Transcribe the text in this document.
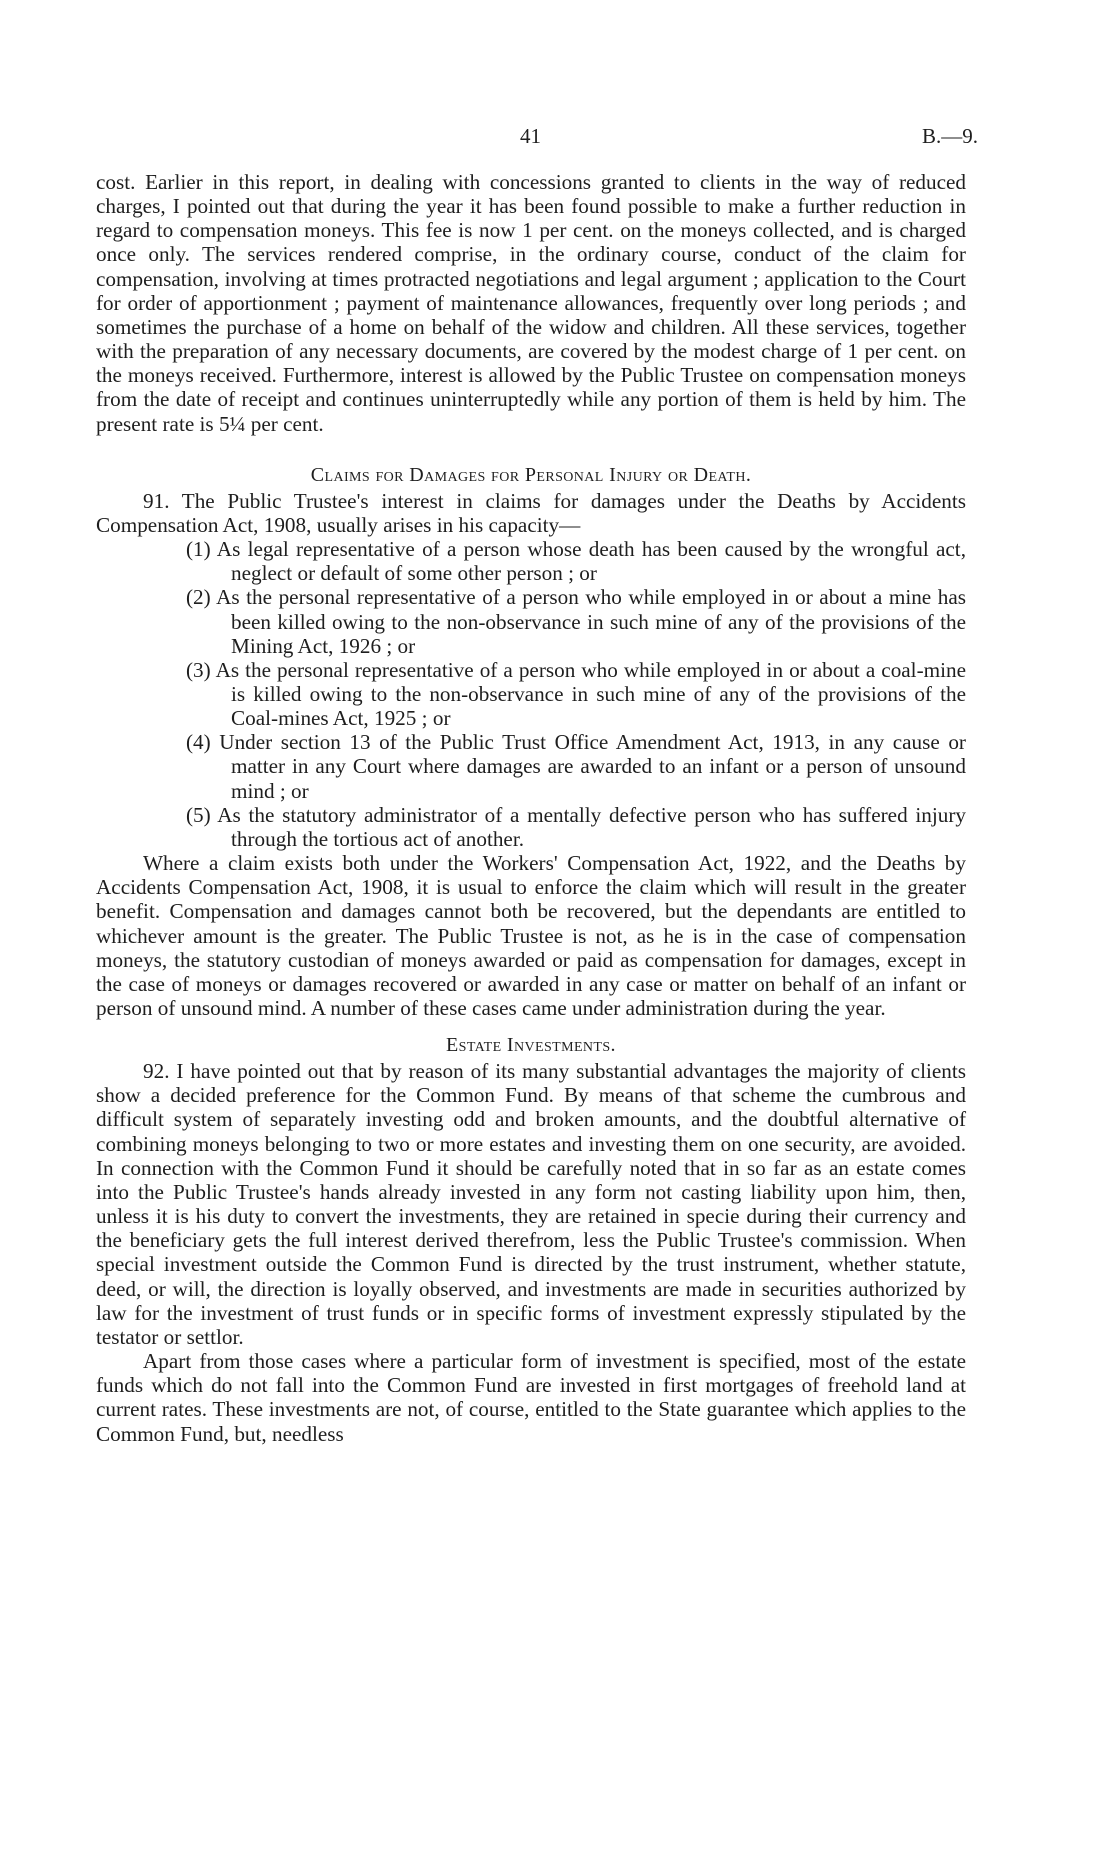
41	B.—9.

cost. Earlier in this report, in dealing with concessions granted to clients in the way of reduced charges, I pointed out that during the year it has been found possible to make a further reduction in regard to compensation moneys. This fee is now 1 per cent. on the moneys collected, and is charged once only. The services rendered comprise, in the ordinary course, conduct of the claim for compensation, involving at times protracted negotiations and legal argument ; application to the Court for order of apportionment ; payment of maintenance allowances, frequently over long periods ; and sometimes the purchase of a home on behalf of the widow and children. All these services, together with the preparation of any necessary documents, are covered by the modest charge of 1 per cent. on the moneys received. Furthermore, interest is allowed by the Public Trustee on compensation moneys from the date of receipt and continues uninterruptedly while any portion of them is held by him. The present rate is 5¼ per cent.

Claims for Damages for Personal Injury or Death.

91. The Public Trustee's interest in claims for damages under the Deaths by Accidents Compensation Act, 1908, usually arises in his capacity—

(1) As legal representative of a person whose death has been caused by the wrongful act, neglect or default of some other person ; or

(2) As the personal representative of a person who while employed in or about a mine has been killed owing to the non-observance in such mine of any of the provisions of the Mining Act, 1926 ; or

(3) As the personal representative of a person who while employed in or about a coal-mine is killed owing to the non-observance in such mine of any of the provisions of the Coal-mines Act, 1925 ; or

(4) Under section 13 of the Public Trust Office Amendment Act, 1913, in any cause or matter in any Court where damages are awarded to an infant or a person of unsound mind ; or

(5) As the statutory administrator of a mentally defective person who has suffered injury through the tortious act of another.

Where a claim exists both under the Workers' Compensation Act, 1922, and the Deaths by Accidents Compensation Act, 1908, it is usual to enforce the claim which will result in the greater benefit. Compensation and damages cannot both be recovered, but the dependants are entitled to whichever amount is the greater. The Public Trustee is not, as he is in the case of compensation moneys, the statutory custodian of moneys awarded or paid as compensation for damages, except in the case of moneys or damages recovered or awarded in any case or matter on behalf of an infant or person of unsound mind. A number of these cases came under administration during the year.

Estate Investments.

92. I have pointed out that by reason of its many substantial advantages the majority of clients show a decided preference for the Common Fund. By means of that scheme the cumbrous and difficult system of separately investing odd and broken amounts, and the doubtful alternative of combining moneys belonging to two or more estates and investing them on one security, are avoided. In connection with the Common Fund it should be carefully noted that in so far as an estate comes into the Public Trustee's hands already invested in any form not casting liability upon him, then, unless it is his duty to convert the investments, they are retained in specie during their currency and the beneficiary gets the full interest derived therefrom, less the Public Trustee's commission. When special investment outside the Common Fund is directed by the trust instrument, whether statute, deed, or will, the direction is loyally observed, and investments are made in securities authorized by law for the investment of trust funds or in specific forms of investment expressly stipulated by the testator or settlor.

Apart from those cases where a particular form of investment is specified, most of the estate funds which do not fall into the Common Fund are invested in first mortgages of freehold land at current rates. These investments are not, of course, entitled to the State guarantee which applies to the Common Fund, but, needless
